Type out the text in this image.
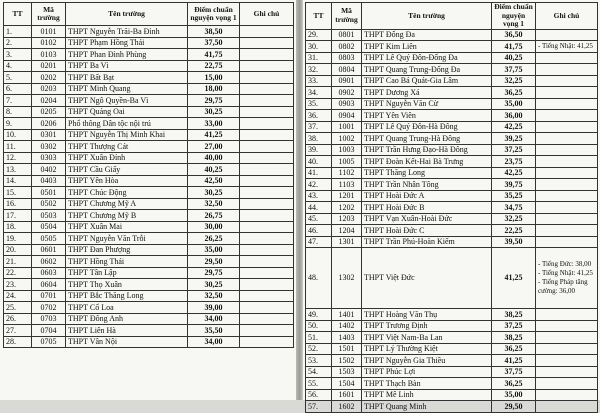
TT	Mã trường	Tên trường	Điểm chuẩn nguyện vọng 1	Ghi chú
1.	0101	THPT Nguyễn Trãi-Ba Đình	38,50	
2.	0102	THPT Phạm Hồng Thái	37,50	
3.	0103	THPT Phan Đình Phùng	41,75	
4.	0201	THPT Ba Vì	22,75	
5.	0202	THPT Bất Bạt	15,00	
6.	0203	THPT Minh Quang	18,00	
7.	0204	THPT Ngô Quyền-Ba Vì	29,75	
8.	0205	THPT Quảng Oai	30,25	
9.	0206	Phổ thông Dân tộc nội trú	33,00	
10.	0301	THPT Nguyễn Thị Minh Khai	41,25	
11.	0302	THPT Thượng Cát	27,00	
12.	0303	THPT Xuân Đỉnh	40,00	
13.	0402	THPT Cầu Giấy	40,25	
14.	0403	THPT Yên Hòa	42,50	
15.	0501	THPT Chúc Động	30,25	
16.	0502	THPT Chương Mỹ A	32,50	
17.	0503	THPT Chương Mỹ B	26,75	
18.	0504	THPT Xuân Mai	30,00	
19.	0505	THPT Nguyễn Văn Trỗi	26,25	
20.	0601	THPT Đan Phượng	35,00	
21.	0602	THPT Hồng Thái	29,50	
22.	0603	THPT Tân Lập	29,75	
23.	0604	THPT Thọ Xuân	30,25	
24.	0701	THPT Bắc Thăng Long	32,50	
25.	0702	THPT Cổ Loa	39,00	
26.	0703	THPT Đông Anh	34,00	
27.	0704	THPT Liên Hà	35,50	
28.	0705	THPT Vân Nội	34,00	
TT	Mã trường	Tên trường	Điểm chuẩn nguyện vọng 1	Ghi chú
29.	0801	THPT Đống Đa	36,50	
30.	0802	THPT Kim Liên	41,75	- Tiếng Nhật: 41,25
31.	0803	THPT Lê Quý Đôn-Đống Đa	40,25	
32.	0804	THPT Quang Trung-Đống Đa	37,75	
33.	0901	THPT Cao Bá Quát-Gia Lâm	32,25	
34.	0902	THPT Dương Xá	36,25	
35.	0903	THPT Nguyễn Văn Cừ	35,00	
36.	0904	THPT Yên Viên	36,00	
37.	1001	THPT Lê Quý Đôn-Hà Đông	42,25	
38.	1002	THPT Quang Trung-Hà Đông	39,25	
39.	1003	THPT Trần Hưng Đạo-Hà Đông	37,25	
40.	1005	THPT Đoàn Kết-Hai Bà Trưng	23,75	
41.	1102	THPT Thăng Long	42,25	
42.	1103	THPT Trần Nhân Tông	39,75	
43.	1201	THPT Hoài Đức A	35,25	
44.	1202	THPT Hoài Đức B	34,75	
45.	1203	THPT Vạn Xuân-Hoài Đức	32,25	
46.	1204	THPT Hoài Đức C	22,25	
47.	1301	THPT Trần Phú-Hoàn Kiếm	39,50	
48.	1302	THPT Việt Đức	41,25	- Tiếng Đức: 38,00
- Tiếng Nhật: 41,25
- Tiếng Pháp tăng cường: 36,00
49.	1401	THPT Hoàng Văn Thụ	38,25	
50.	1402	THPT Trương Định	37,25	
51.	1403	THPT Việt Nam-Ba Lan	38,25	
52.	1501	THPT Lý Thường Kiệt	36,25	
53.	1502	THPT Nguyễn Gia Thiều	41,25	
54.	1503	THPT Phúc Lợi	37,75	
55.	1504	THPT Thạch Bàn	36,25	
56.	1601	THPT Mê Linh	35,00	
57.	1602	THPT Quang Minh	29,50	
